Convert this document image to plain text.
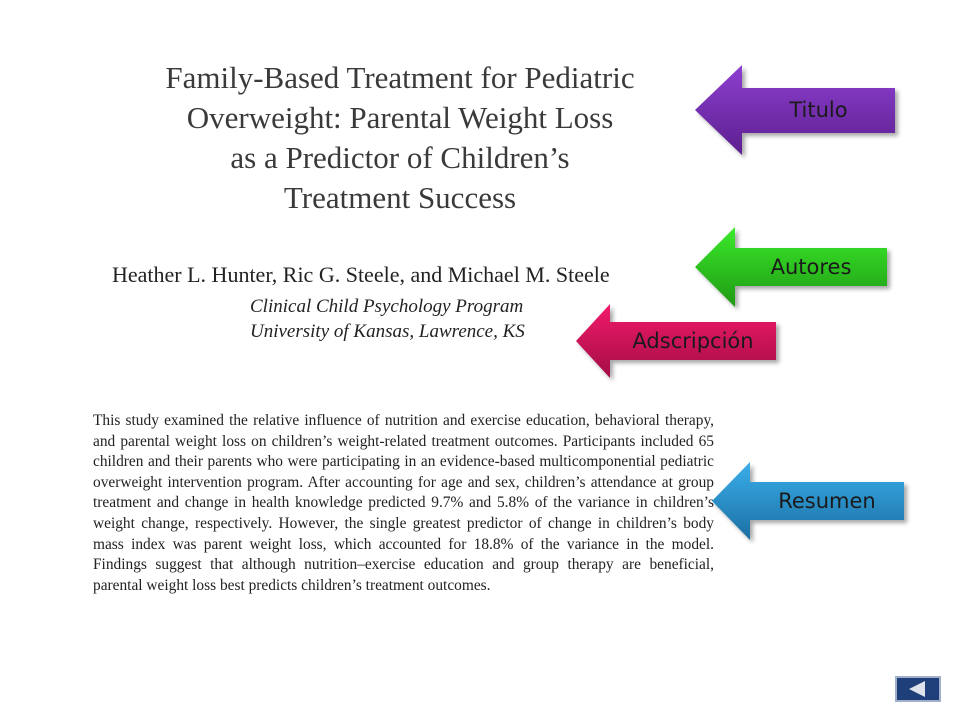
Family-Based Treatment for Pediatric
Overweight: Parental Weight Loss
as a Predictor of Children’s
Treatment Success
Heather L. Hunter, Ric G. Steele, and Michael M. Steele
Clinical Child Psychology Program
University of Kansas, Lawrence, KS

This study examined the relative influence of nutrition and exercise education, behavioral therapy, and parental weight loss on children’s weight-related treatment outcomes. Participants included 65 children and their parents who were participating in an evidence-based multicomponential pediatric overweight intervention program. After accounting for age and sex, children’s attendance at group treatment and change in health knowledge predicted 9.7% and 5.8% of the variance in children’s weight change, respectively. However, the single greatest predictor of change in children’s body mass index was parent weight loss, which accounted for 18.8% of the variance in the model. Findings suggest that although nutrition–exercise education and group therapy are beneficial, parental weight loss best predicts children’s treatment outcomes.

Titulo
Autores
Adscripción
Resumen
